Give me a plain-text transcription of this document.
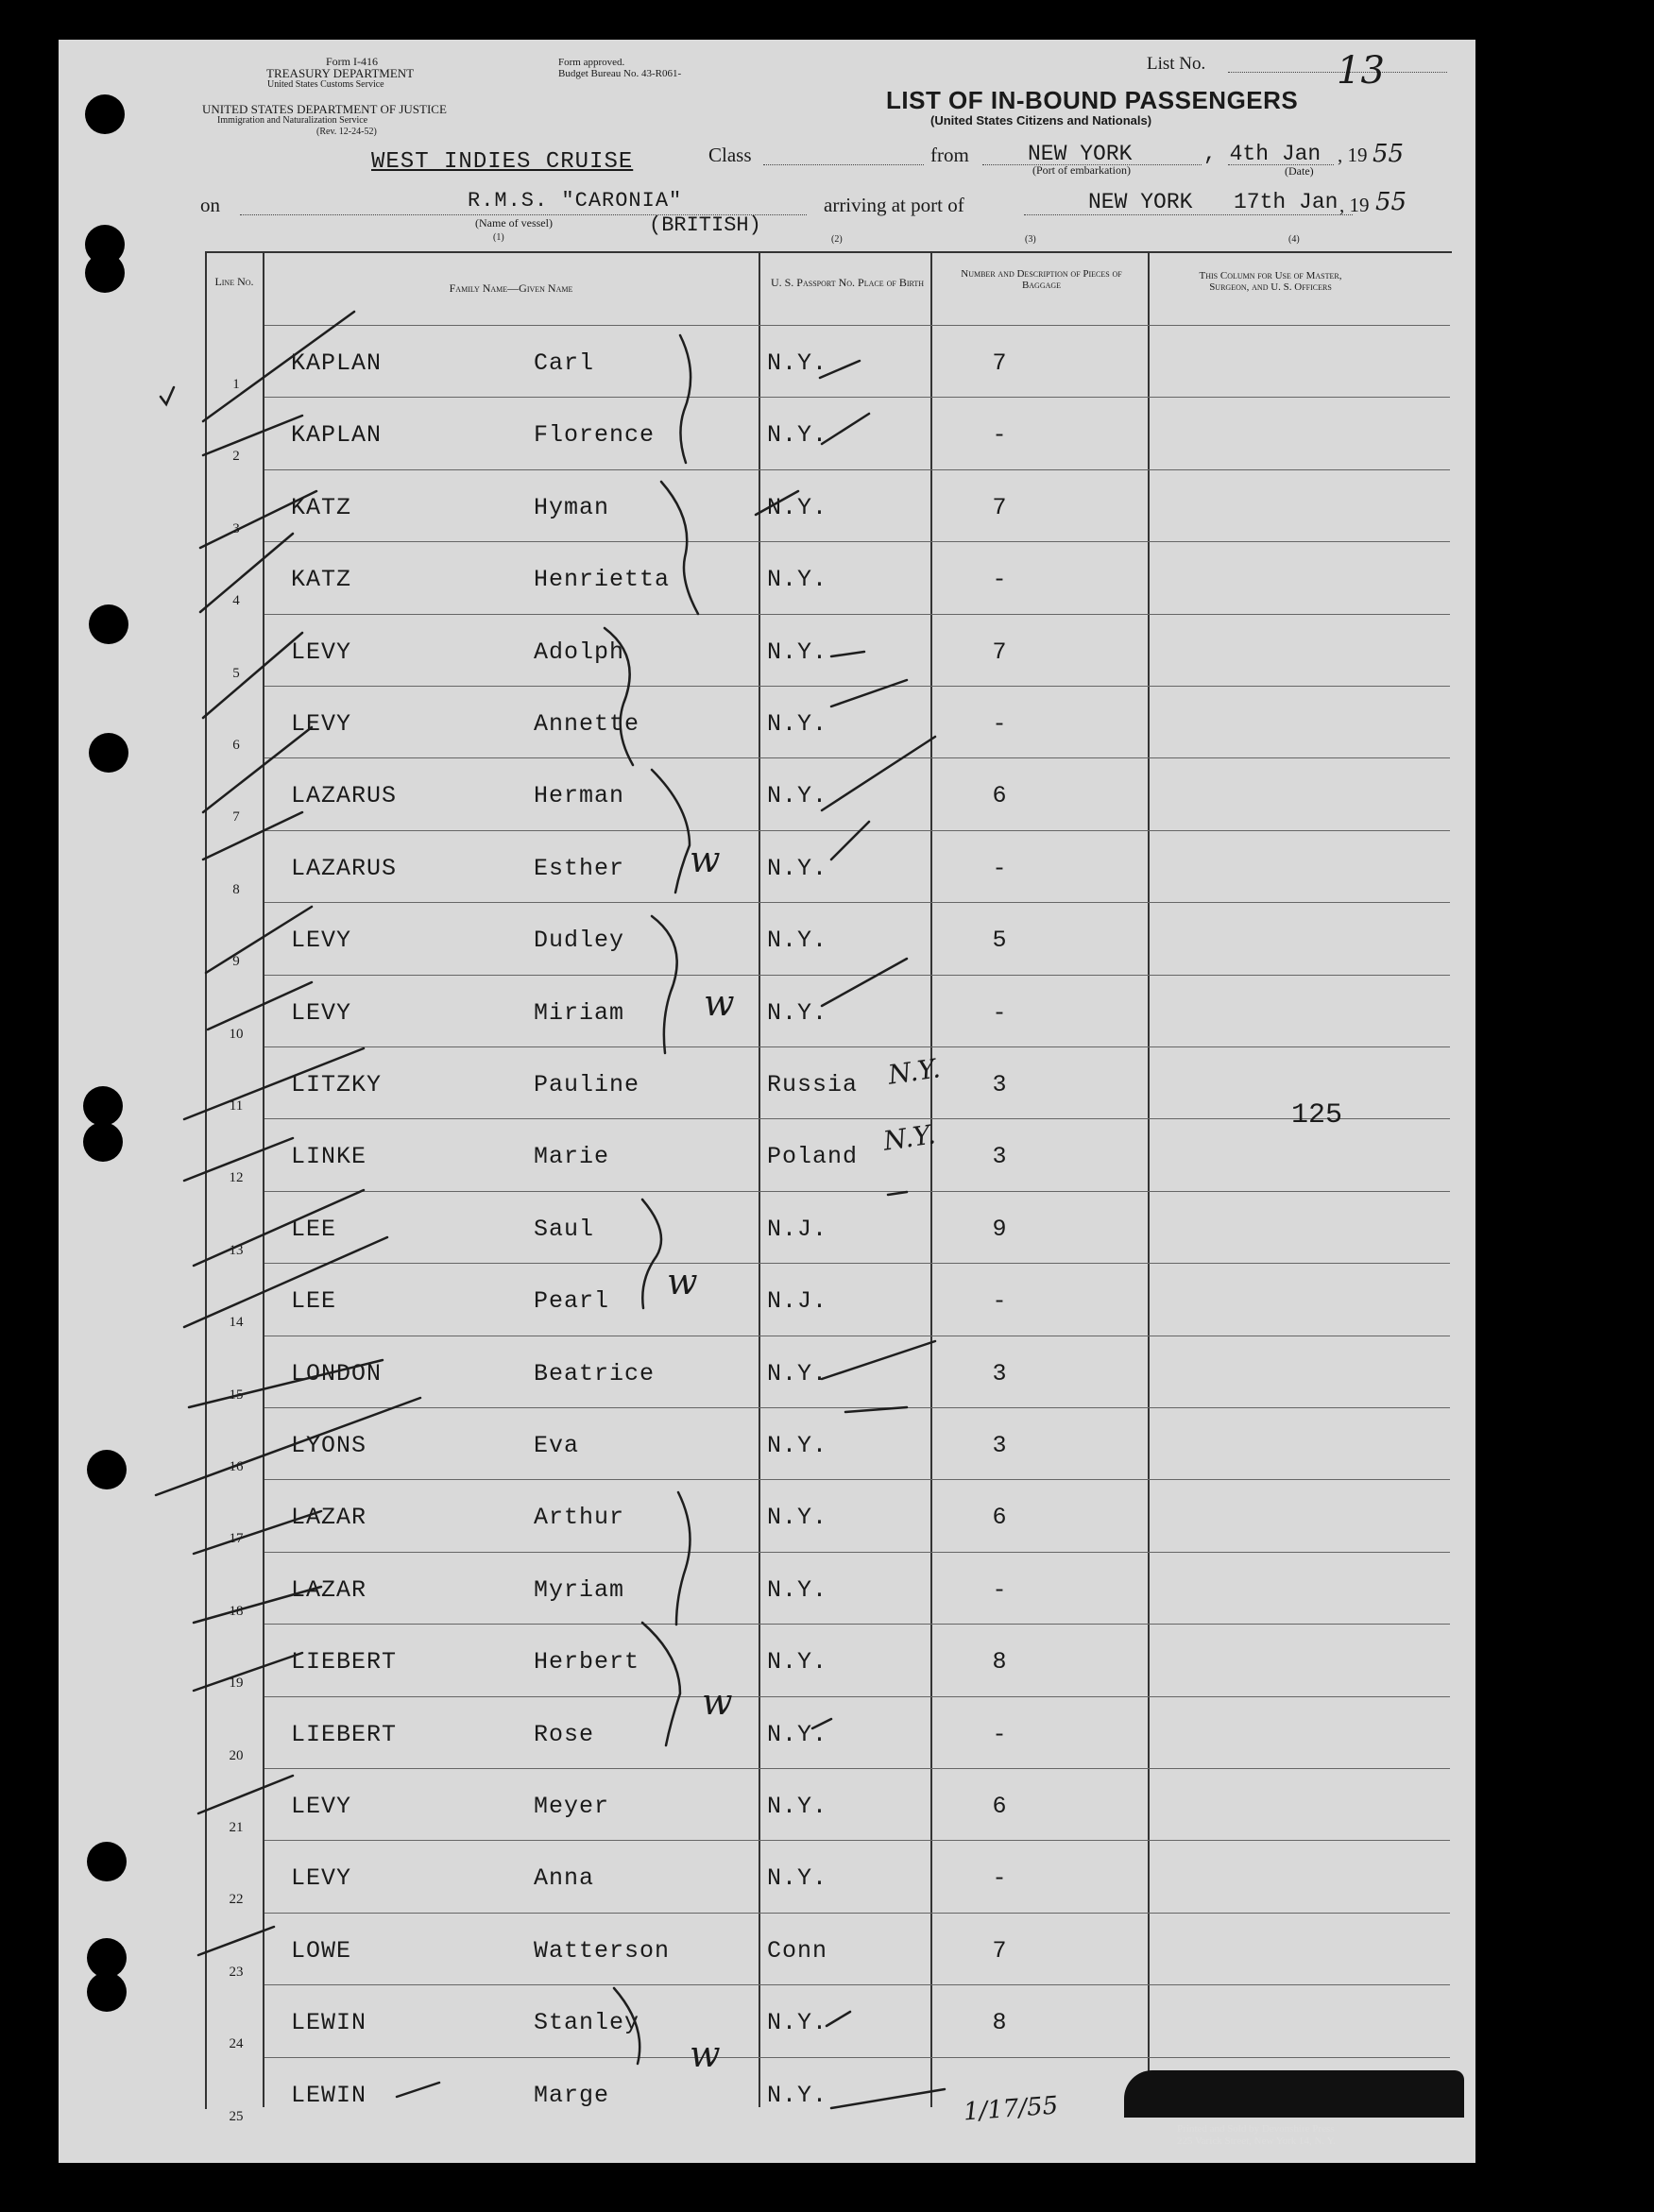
Form I-416
TREASURY DEPARTMENT
United States Customs Service
UNITED STATES DEPARTMENT OF JUSTICE
Immigration and Naturalization Service
(Rev. 12-24-52)
Form approved.
Budget Bureau No. 43-R061-	List No.	13
LIST OF IN-BOUND PASSENGERS
(United States Citizens and Nationals)
WEST INDIES CRUISE	Class	from	NEW YORK	, 4th Jan , 19 55
(Port of embarkation)	(Date)
on	R.M.S. "CARONIA"
(Name of vessel)
(1)
(BRITISH)
arriving at port of	NEW YORK 17th Jan , 19 55
(2)	(3)	(4)
Line No.	Family Name—Given Name	U. S. Passport No. Place of Birth
Number and Description of Pieces of Baggage
This Column for Use of Master, Surgeon, and U. S. Officers
1
KAPLAN	Carl	N.Y.	7
2
KAPLAN	Florence	N.Y.	-
3
KATZ	Hyman	N.Y.	7
4
KATZ	Henrietta	N.Y.	-
5
LEVY	Adolph	N.Y.	7
6
LEVY	Annette	N.Y.	-
7
LAZARUS	Herman	N.Y.	6
8
LAZARUS	Esther	N.Y.	-
9
LEVY	Dudley	N.Y.	5
10
LEVY	Miriam	N.Y.	-
11
LITZKY	Pauline	Russia	3
12
LINKE	Marie	Poland	3
13
LEE	Saul	N.J.	9
14
LEE	Pearl	N.J.	-
15
LONDON	Beatrice	N.Y.	3
16
LYONS	Eva	N.Y.	3
17
LAZAR	Arthur	N.Y.	6
18
LAZAR	Myriam	N.Y.	-
19
LIEBERT	Herbert	N.Y.	8
20
LIEBERT	Rose	N.Y.	-
21
LEVY	Meyer	N.Y.	6
22
LEVY	Anna	N.Y.	-
23
LOWE	Watterson	Conn	7
24
LEWIN	Stanley	N.Y.	8
25
LEWIN	Marge	N.Y.
N.Y.
N.Y.
125
w
w
w
w
w
1/17/55
Printed and Sold by Devonshire Press
225 Varick Street, New York 14, N. Y.
